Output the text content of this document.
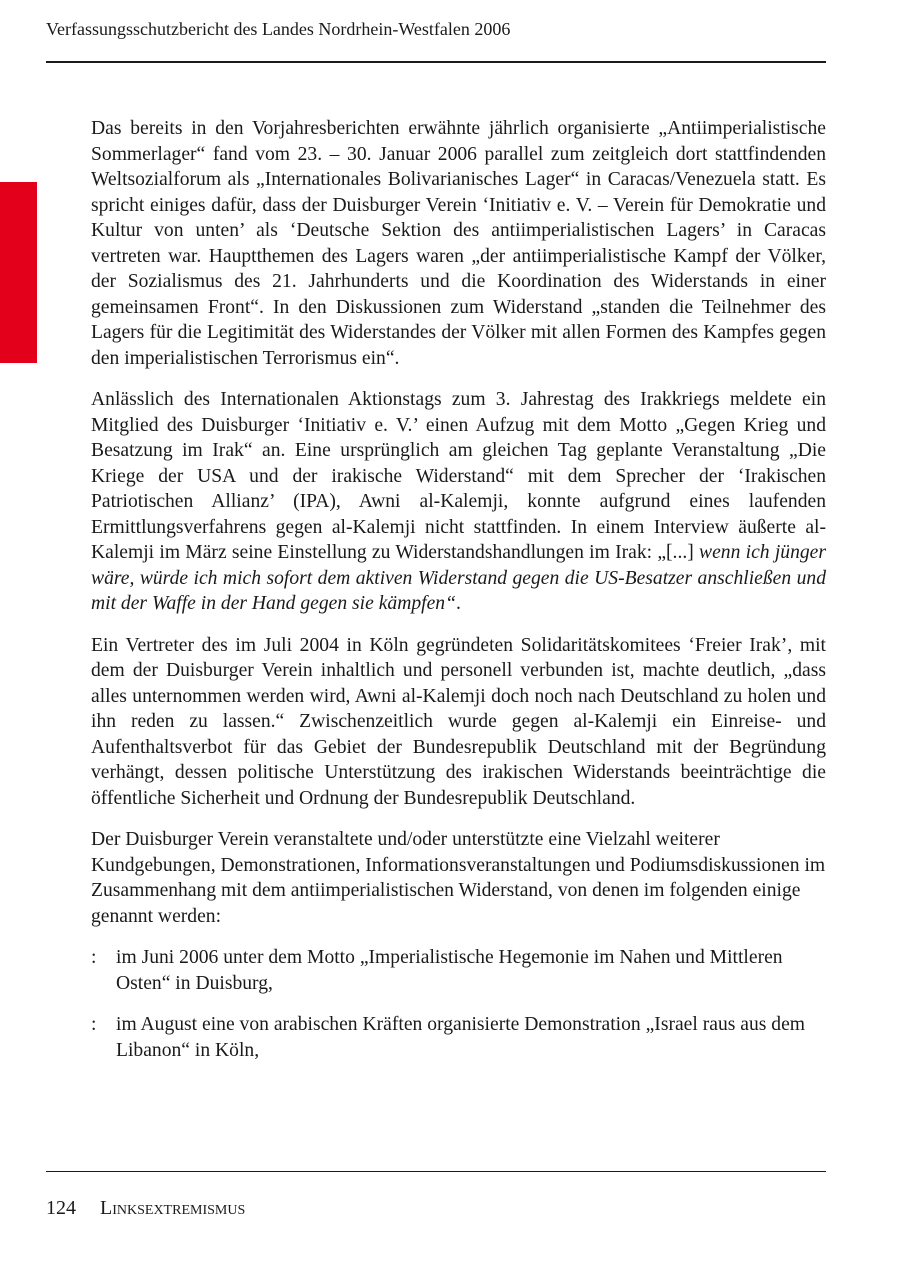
Verfassungsschutzbericht des Landes Nordrhein-Westfalen 2006

Das bereits in den Vorjahresberichten erwähnte jährlich organisierte „Antiimperialistische Sommerlager“ fand vom 23. – 30. Januar 2006 parallel zum zeitgleich dort stattfindenden Weltsozialforum als „Internationales Bolivarianisches Lager“ in Caracas/Venezuela statt. Es spricht einiges dafür, dass der Duisburger Verein ‘Initiativ e. V. – Verein für Demokratie und Kultur von unten’ als ‘Deutsche Sektion des antiimperialistischen Lagers’ in Caracas vertreten war. Hauptthemen des Lagers waren „der antiimperialistische Kampf der Völker, der Sozialismus des 21. Jahrhunderts und die Koordination des Widerstands in einer gemeinsamen Front“. In den Diskussionen zum Widerstand „standen die Teilnehmer des Lagers für die Legitimität des Widerstandes der Völker mit allen Formen des Kampfes gegen den imperialistischen Terrorismus ein“.

Anlässlich des Internationalen Aktionstags zum 3. Jahrestag des Irakkriegs meldete ein Mitglied des Duisburger ‘Initiativ e. V.’ einen Aufzug mit dem Motto „Gegen Krieg und Besatzung im Irak“ an. Eine ursprünglich am gleichen Tag geplante Veranstaltung „Die Kriege der USA und der irakische Widerstand“ mit dem Sprecher der ‘Irakischen Patriotischen Allianz’ (IPA), Awni al-Kalemji, konnte aufgrund eines laufenden Ermittlungsverfahrens gegen al-Kalemji nicht stattfinden. In einem Interview äußerte al-Kalemji im März seine Einstellung zu Widerstandshandlungen im Irak: „[...] wenn ich jünger wäre, würde ich mich sofort dem aktiven Widerstand gegen die US-Besatzer anschließen und mit der Waffe in der Hand gegen sie kämpfen“.

Ein Vertreter des im Juli 2004 in Köln gegründeten Solidaritätskomitees ‘Freier Irak’, mit dem der Duisburger Verein inhaltlich und personell verbunden ist, machte deutlich, „dass alles unternommen werden wird, Awni al-Kalemji doch noch nach Deutschland zu holen und ihn reden zu lassen.“ Zwischenzeitlich wurde gegen al-Kalemji ein Einreise- und Aufenthaltsverbot für das Gebiet der Bundesrepublik Deutschland mit der Begründung verhängt, dessen politische Unterstützung des irakischen Widerstands beeinträchtige die öffentliche Sicherheit und Ordnung der Bundesrepublik Deutschland.

Der Duisburger Verein veranstaltete und/oder unterstützte eine Vielzahl weiterer Kundgebungen, Demonstrationen, Informationsveranstaltungen und Podiumsdiskussionen im Zusammenhang mit dem antiimperialistischen Widerstand, von denen im folgenden einige genannt werden:

: im Juni 2006 unter dem Motto „Imperialistische Hegemonie im Nahen und Mittleren Osten“ in Duisburg,
: im August eine von arabischen Kräften organisierte Demonstration „Israel raus aus dem Libanon“ in Köln,
124 Linksextremismus
